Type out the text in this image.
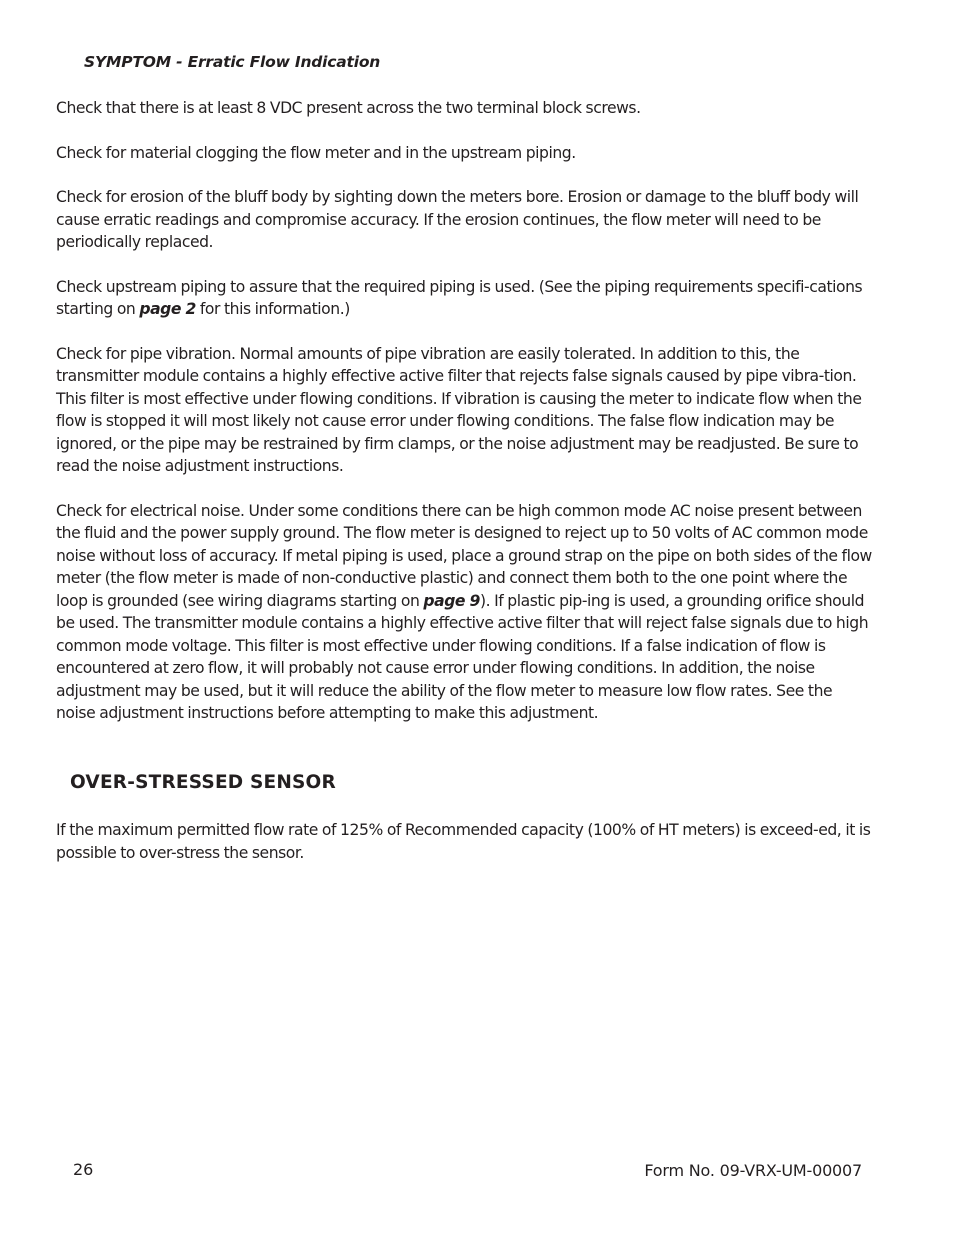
SYMPTOM - Erratic Flow Indication

Check that there is at least 8 VDC present across the two terminal block screws.

Check for material clogging the flow meter and in the upstream piping.

Check for erosion of the bluff body by sighting down the meters bore. Erosion or damage to the bluff body will cause erratic readings and compromise accuracy. If the erosion continues, the flow meter will need to be periodically replaced.

Check upstream piping to assure that the required piping is used. (See the piping requirements specifi-cations starting on page 2 for this information.)

Check for pipe vibration. Normal amounts of pipe vibration are easily tolerated. In addition to this, the transmitter module contains a highly effective active filter that rejects false signals caused by pipe vibra-tion. This filter is most effective under flowing conditions. If vibration is causing the meter to indicate flow when the flow is stopped it will most likely not cause error under flowing conditions. The false flow indication may be ignored, or the pipe may be restrained by firm clamps, or the noise adjustment may be readjusted. Be sure to read the noise adjustment instructions.

Check for electrical noise. Under some conditions there can be high common mode AC noise present between the fluid and the power supply ground. The flow meter is designed to reject up to 50 volts of AC common mode noise without loss of accuracy. If metal piping is used, place a ground strap on the pipe on both sides of the flow meter (the flow meter is made of non-conductive plastic) and connect them both to the one point where the loop is grounded (see wiring diagrams starting on page 9). If plastic pip-ing is used, a grounding orifice should be used. The transmitter module contains a highly effective active filter that will reject false signals due to high common mode voltage. This filter is most effective under flowing conditions. If a false indication of flow is encountered at zero flow, it will probably not cause error under flowing conditions. In addition, the noise adjustment may be used, but it will reduce the ability of the flow meter to measure low flow rates. See the noise adjustment instructions before attempting to make this adjustment.

OVER-STRESSED SENSOR

If the maximum permitted flow rate of 125% of Recommended capacity (100% of HT meters) is exceed-ed, it is possible to over-stress the sensor.

26	Form No. 09-VRX-UM-00007
